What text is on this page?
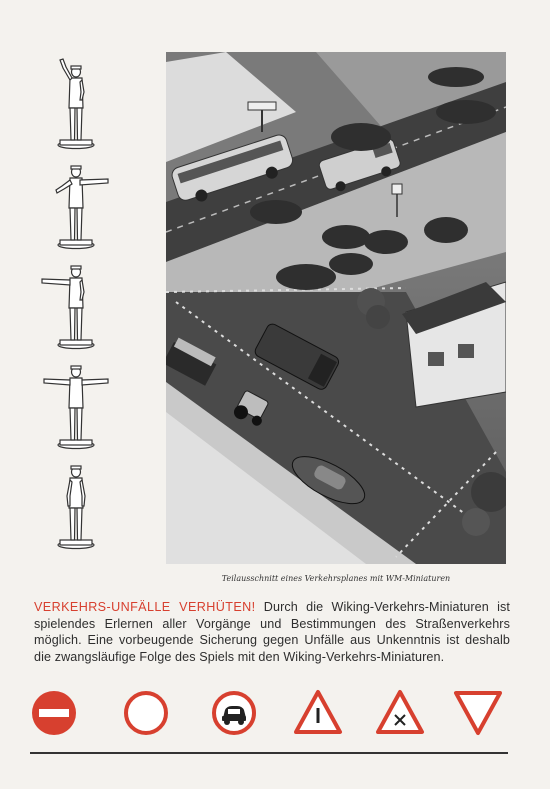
Teilausschnitt eines Verkehrsplanes mit WM-Miniaturen

VERKEHRS-UNFÄLLE VERHÜTEN! Durch die Wiking-Verkehrs-Miniaturen ist spielendes Erlernen aller Vorgänge und Bestimmungen des Straßenverkehrs möglich. Eine vorbeugende Sicherung gegen Unfälle aus Unkenntnis ist deshalb die zwangsläufige Folge des Spiels mit den Wiking-Verkehrs-Miniaturen.
